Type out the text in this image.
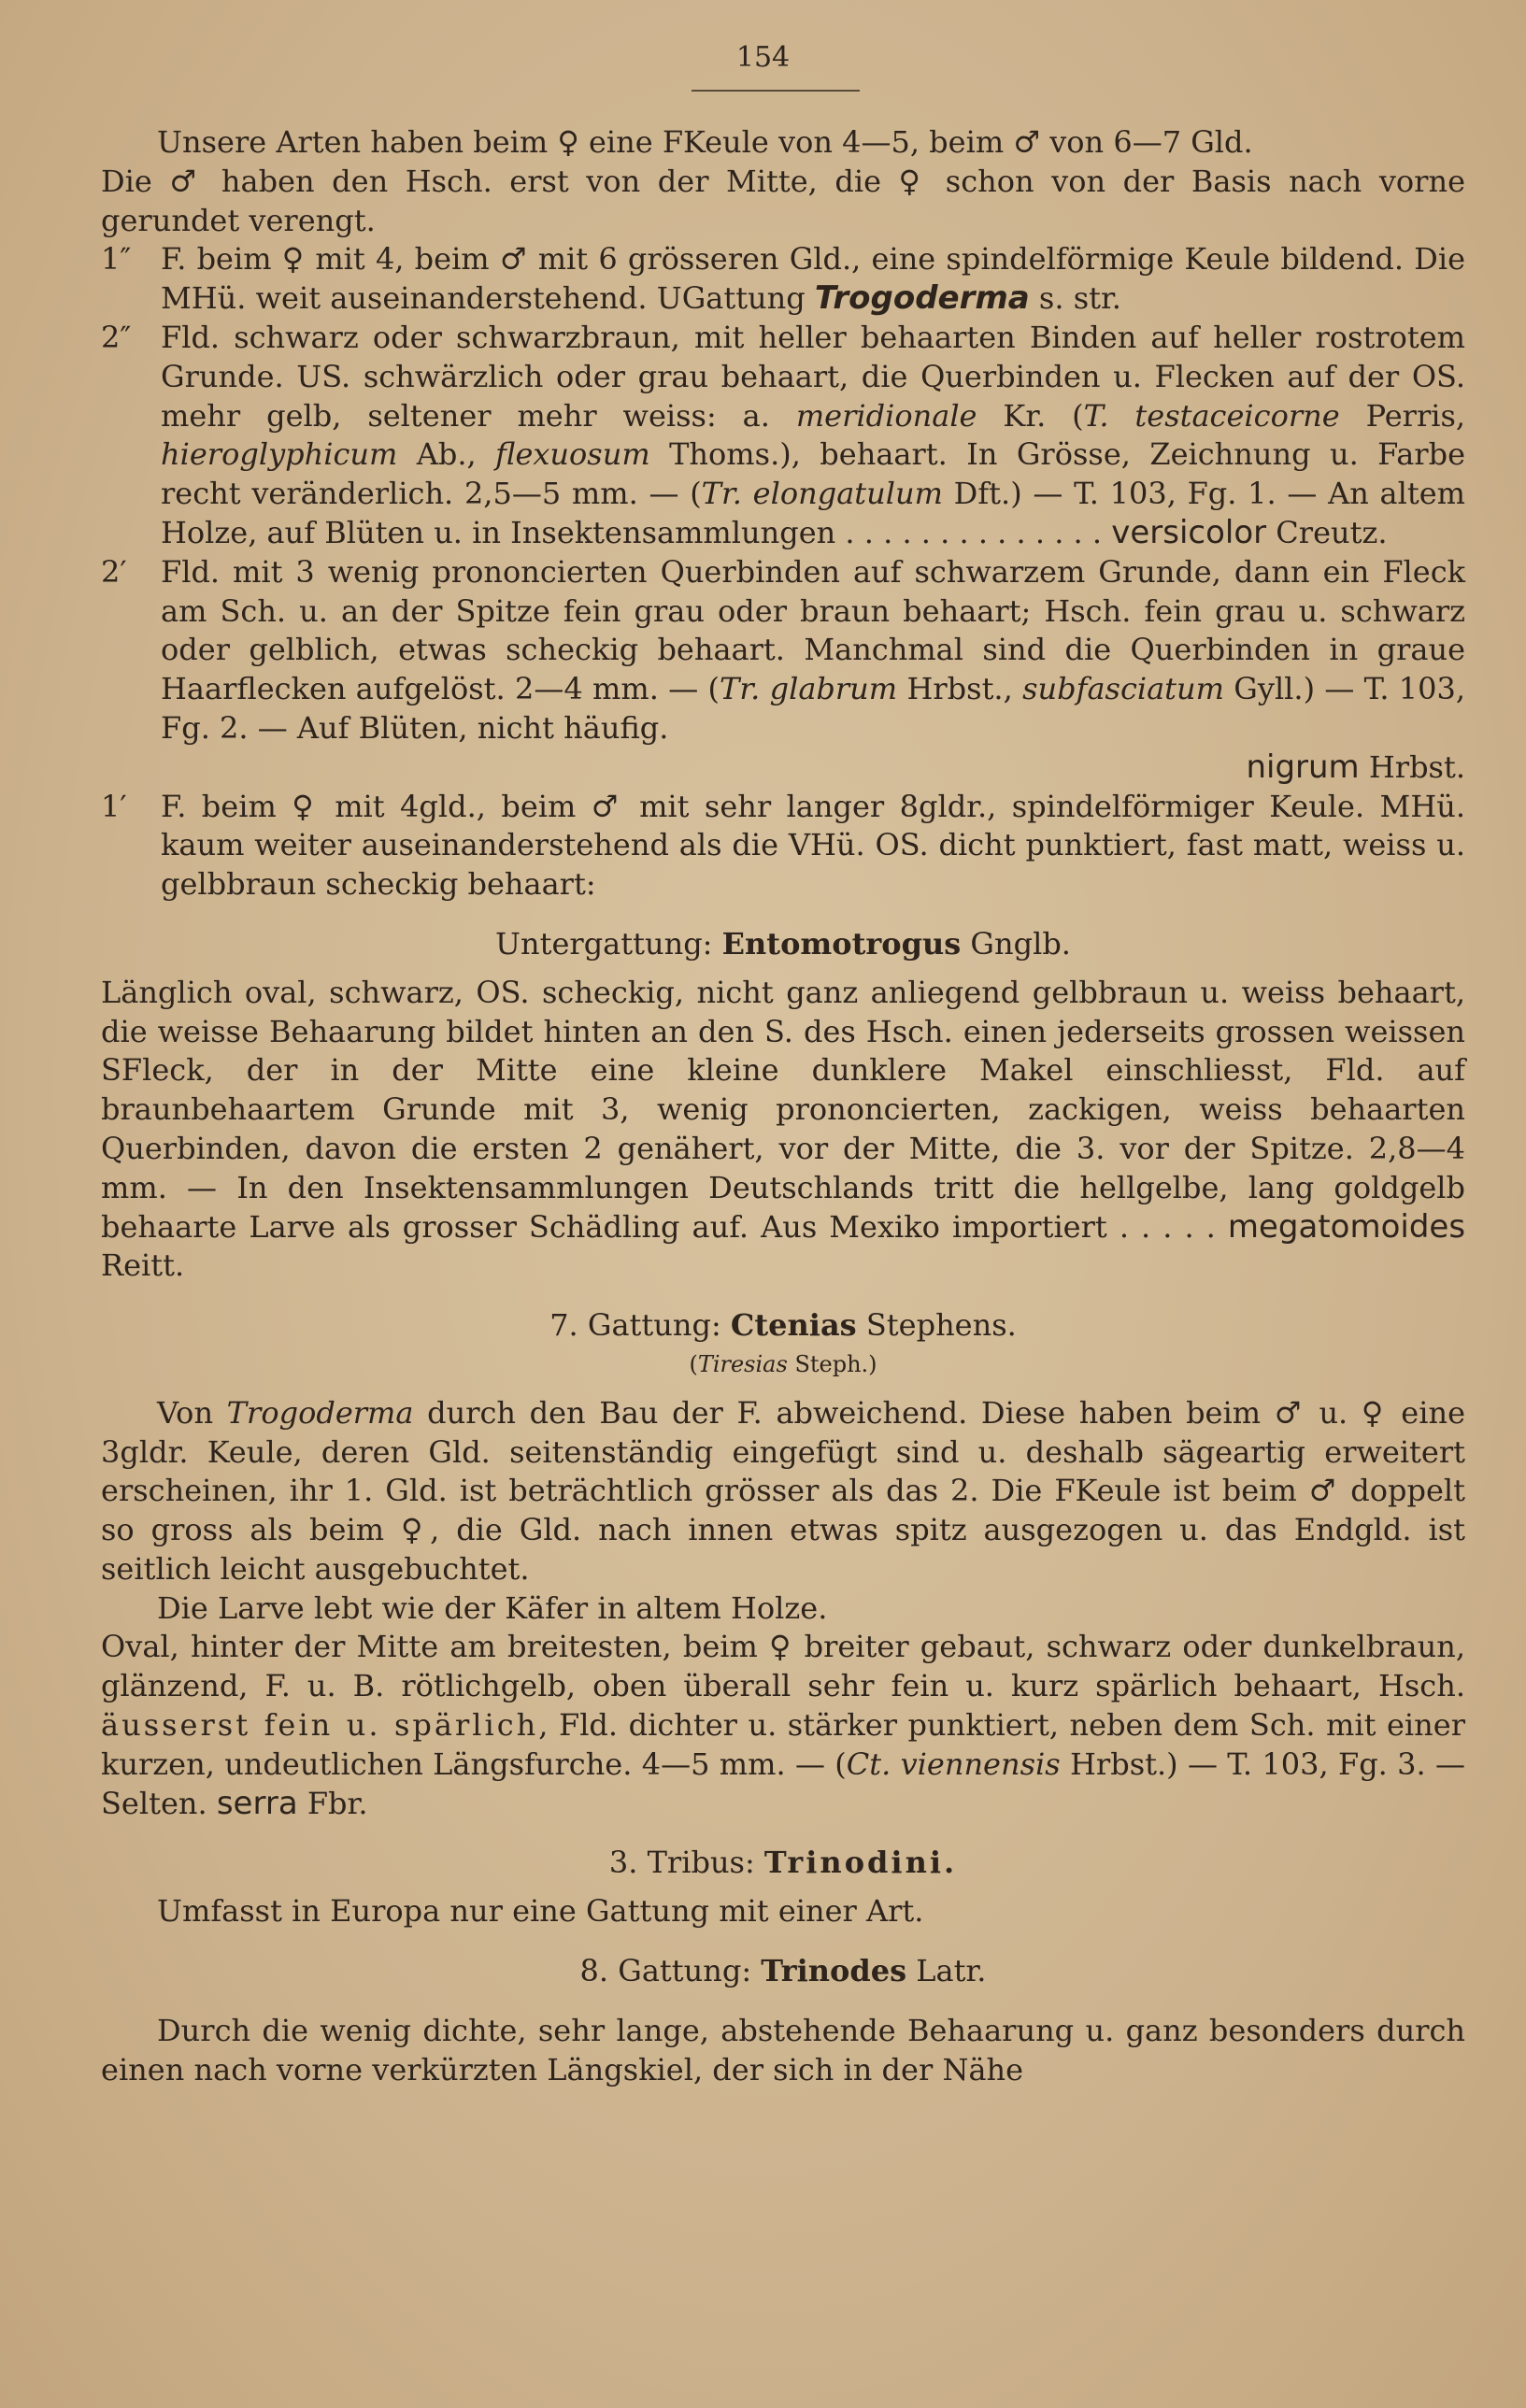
154

Unsere Arten haben beim ♀ eine FKeule von 4—5, beim ♂ von 6—7 Gld.

Die ♂ haben den Hsch. erst von der Mitte, die ♀ schon von der Basis nach vorne gerundet verengt.

1″ F. beim ♀ mit 4, beim ♂ mit 6 grösseren Gld., eine spindelförmige Keule bildend. Die MHü. weit auseinanderstehend. UGattung Trogoderma s. str.

2″ Fld. schwarz oder schwarzbraun, mit heller behaarten Binden auf heller rostrotem Grunde. US. schwärzlich oder grau behaart, die Querbinden u. Flecken auf der OS. mehr gelb, seltener mehr weiss: a. meridionale Kr. (T. testaceicorne Perris, hieroglyphicum Ab., flexuosum Thoms.), behaart. In Grösse, Zeichnung u. Farbe recht veränderlich. 2,5—5 mm. — (Tr. elongatulum Dft.) — T. 103, Fg. 1. — An altem Holze, auf Blüten u. in Insektensammlungen . . . . . . . . . . . . . . versicolor Creutz.

2′	Fld. mit 3 wenig prononcierten Querbinden auf schwarzem Grunde, dann ein Fleck am Sch. u. an der Spitze fein grau oder braun behaart; Hsch. fein grau u. schwarz oder gelblich, etwas scheckig behaart. Manchmal sind die Querbinden in graue Haarflecken aufgelöst. 2—4 mm. — (Tr. glabrum Hrbst., subfasciatum Gyll.) — T. 103, Fg. 2. — Auf Blüten, nicht häufig.

nigrum Hrbst.

1′	F. beim ♀ mit 4gld., beim ♂ mit sehr langer 8gldr., spindelförmiger Keule. MHü. kaum weiter auseinanderstehend als die VHü. OS. dicht punktiert, fast matt, weiss u. gelbbraun scheckig behaart:

Untergattung: Entomotrogus Gnglb.

Länglich oval, schwarz, OS. scheckig, nicht ganz anliegend gelbbraun u. weiss behaart, die weisse Behaarung bildet hinten an den S. des Hsch. einen jederseits grossen weissen SFleck, der in der Mitte eine kleine dunklere Makel einschliesst, Fld. auf braunbehaartem Grunde mit 3, wenig prononcierten, zackigen, weiss behaarten Querbinden, davon die ersten 2 genähert, vor der Mitte, die 3. vor der Spitze. 2,8—4 mm. — In den Insektensammlungen Deutschlands tritt die hellgelbe, lang goldgelb behaarte Larve als grosser Schädling auf. Aus Mexiko importiert . . . . . megatomoides Reitt.

7. Gattung: Ctenias Stephens.

(Tiresias Steph.)

Von Trogoderma durch den Bau der F. abweichend. Diese haben beim ♂ u. ♀ eine 3gldr. Keule, deren Gld. seitenständig eingefügt sind u. deshalb sägeartig erweitert erscheinen, ihr 1. Gld. ist beträchtlich grösser als das 2. Die FKeule ist beim ♂ doppelt so gross als beim ♀, die Gld. nach innen etwas spitz ausgezogen u. das Endgld. ist seitlich leicht ausgebuchtet.

Die Larve lebt wie der Käfer in altem Holze.

Oval, hinter der Mitte am breitesten, beim ♀ breiter gebaut, schwarz oder dunkelbraun, glänzend, F. u. B. rötlichgelb, oben überall sehr fein u. kurz spärlich behaart, Hsch. äusserst fein u. spärlich, Fld. dichter u. stärker punktiert, neben dem Sch. mit einer kurzen, undeutlichen Längsfurche. 4—5 mm. — (Ct. viennensis Hrbst.) — T. 103, Fg. 3. — Selten. serra Fbr.

3. Tribus: Trinodini.

Umfasst in Europa nur eine Gattung mit einer Art.

8. Gattung: Trinodes Latr.

Durch die wenig dichte, sehr lange, abstehende Behaarung u. ganz besonders durch einen nach vorne verkürzten Längskiel, der sich in der Nähe
